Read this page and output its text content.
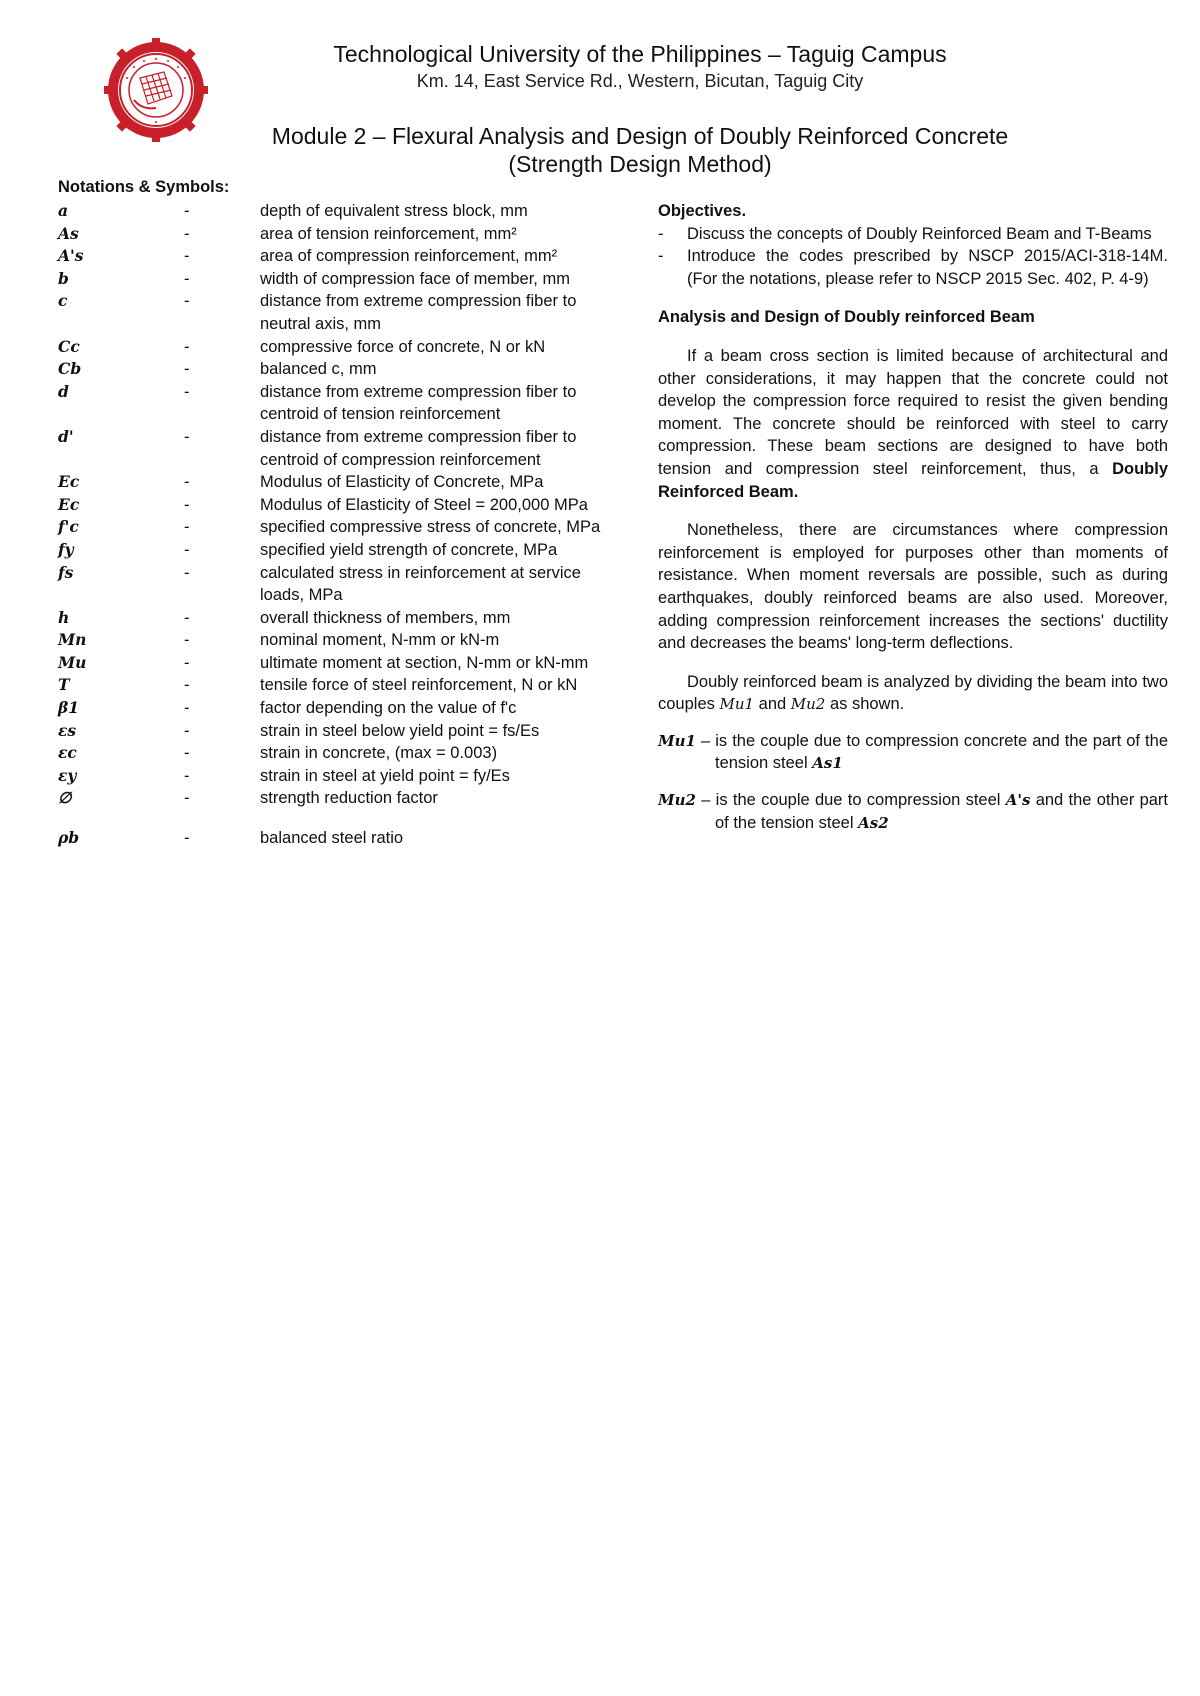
Technological University of the Philippines – Taguig Campus
Km. 14, East Service Rd., Western, Bicutan, Taguig City
Module 2 – Flexural Analysis and Design of Doubly Reinforced Concrete
(Strength Design Method)
Notations & Symbols:
a	-	depth of equivalent stress block, mm
As	-	area of tension reinforcement, mm²
A's	-	area of compression reinforcement, mm²
b	-	width of compression face of member, mm
c	-	distance from extreme compression fiber to neutral axis, mm
Cc	-	compressive force of concrete, N or kN
Cb	-	balanced c, mm
d	-	distance from extreme compression fiber to centroid of tension reinforcement
d'	-	distance from extreme compression fiber to centroid of compression reinforcement
Ec	-	Modulus of Elasticity of Concrete, MPa
Ec	-	Modulus of Elasticity of Steel = 200,000 MPa
f'c	-	specified compressive stress of concrete, MPa
fy	-	specified yield strength of concrete, MPa
fs	-	calculated stress in reinforcement at service loads, MPa
h	-	overall thickness of members, mm
Mn	-	nominal moment, N-mm or kN-m
Mu	-	ultimate moment at section, N-mm or kN-mm
T	-	tensile force of steel reinforcement, N or kN
β1	-	factor depending on the value of f'c
εs	-	strain in steel below yield point = fs/Es
εc	-	strain in concrete, (max = 0.003)
εy	-	strain in steel at yield point = fy/Es
∅	-	strength reduction factor
ρb	-	balanced steel ratio
Objectives.
-	Discuss the concepts of Doubly Reinforced Beam and T-Beams
-	Introduce the codes prescribed by NSCP 2015/ACI-318-14M. (For the notations, please refer to NSCP 2015 Sec. 402, P. 4-9)
Analysis and Design of Doubly reinforced Beam
If a beam cross section is limited because of architectural and other considerations, it may happen that the concrete could not develop the compression force required to resist the given bending moment. The concrete should be reinforced with steel to carry compression. These beam sections are designed to have both tension and compression steel reinforcement, thus, a Doubly Reinforced Beam.
Nonetheless, there are circumstances where compression reinforcement is employed for purposes other than moments of resistance. When moment reversals are possible, such as during earthquakes, doubly reinforced beams are also used. Moreover, adding compression reinforcement increases the sections' ductility and decreases the beams' long-term deflections.
Doubly reinforced beam is analyzed by dividing the beam into two couples Mu1 and Mu2 as shown.
Mu1 – is the couple due to compression concrete and the part of the tension steel As1
Mu2 – is the couple due to compression steel A's and the other part of the tension steel As2
